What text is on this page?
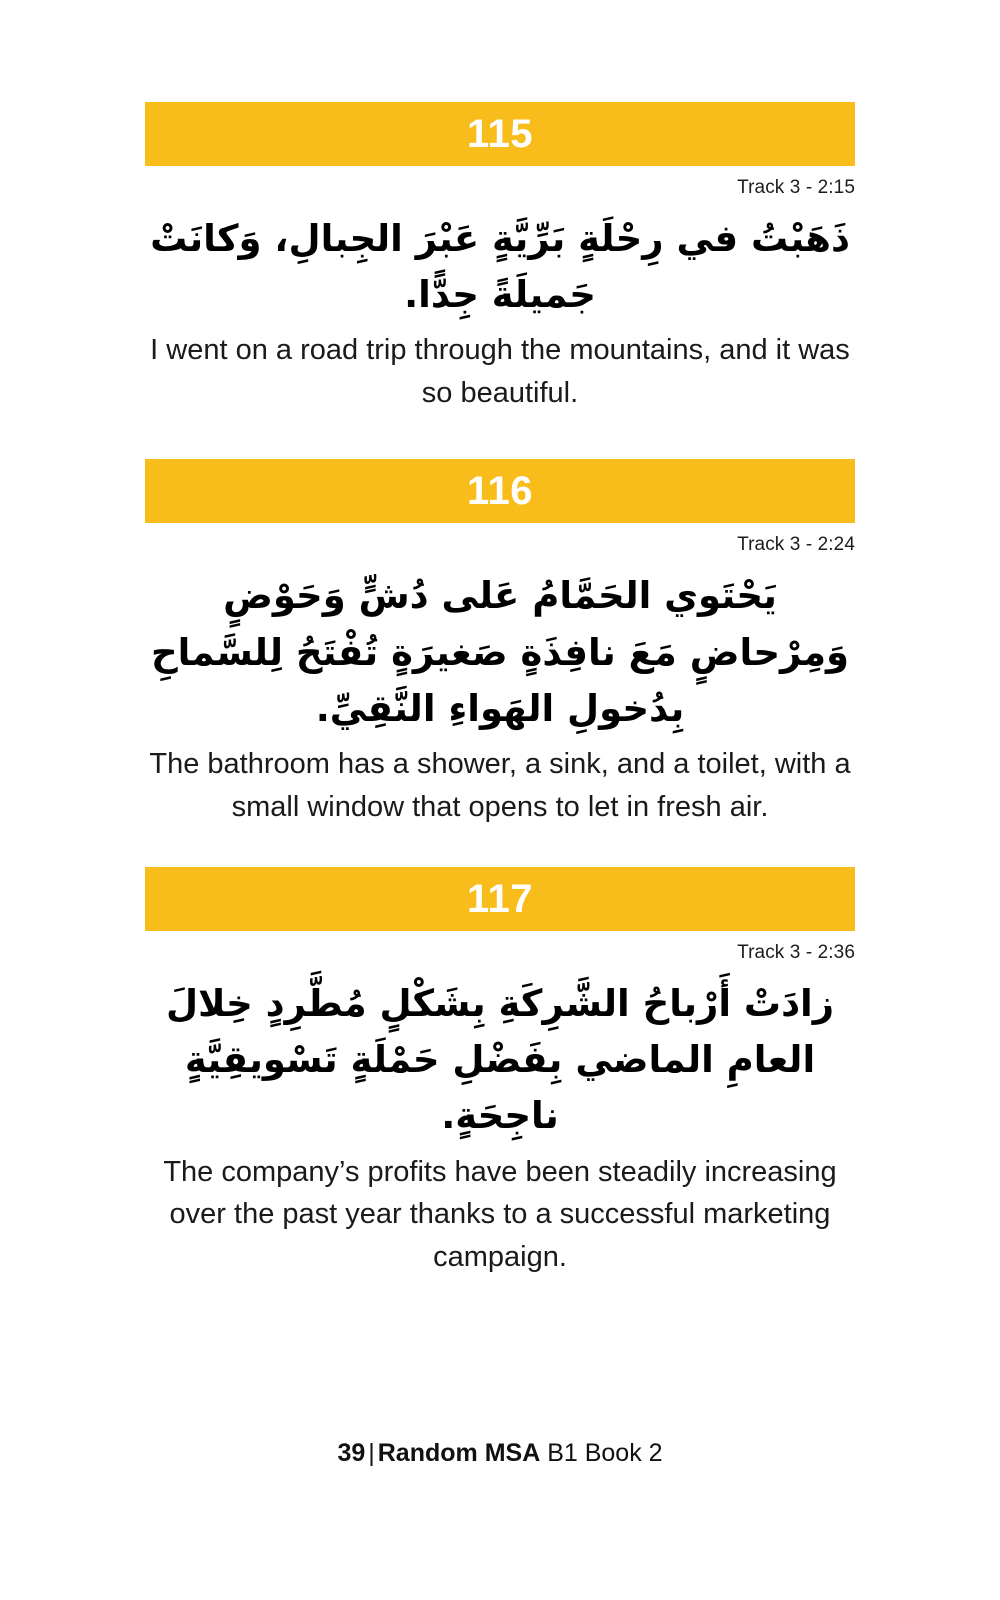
115
Track 3 - 2:15
ذَهَبْتُ في رِحْلَةٍ بَرِّيَّةٍ عَبْرَ الجِبالِ، وَكانَتْ جَميلَةً جِدًّا.
I went on a road trip through the mountains, and it was so beautiful.
116
Track 3 - 2:24
يَحْتَوي الحَمَّامُ عَلى دُشٍّ وَحَوْضٍ وَمِرْحاضٍ مَعَ نافِذَةٍ صَغيرَةٍ تُفْتَحُ لِلسَّماحِ بِدُخولِ الهَواءِ النَّقِيِّ.
The bathroom has a shower, a sink, and a toilet, with a small window that opens to let in fresh air.
117
Track 3 - 2:36
زادَتْ أَرْباحُ الشَّرِكَةِ بِشَكْلٍ مُطَّرِدٍ خِلالَ العامِ الماضي بِفَضْلِ حَمْلَةٍ تَسْويقِيَّةٍ ناجِحَةٍ.
The company’s profits have been steadily increasing over the past year thanks to a successful marketing campaign.
39 | Random MSA B1 Book 2
